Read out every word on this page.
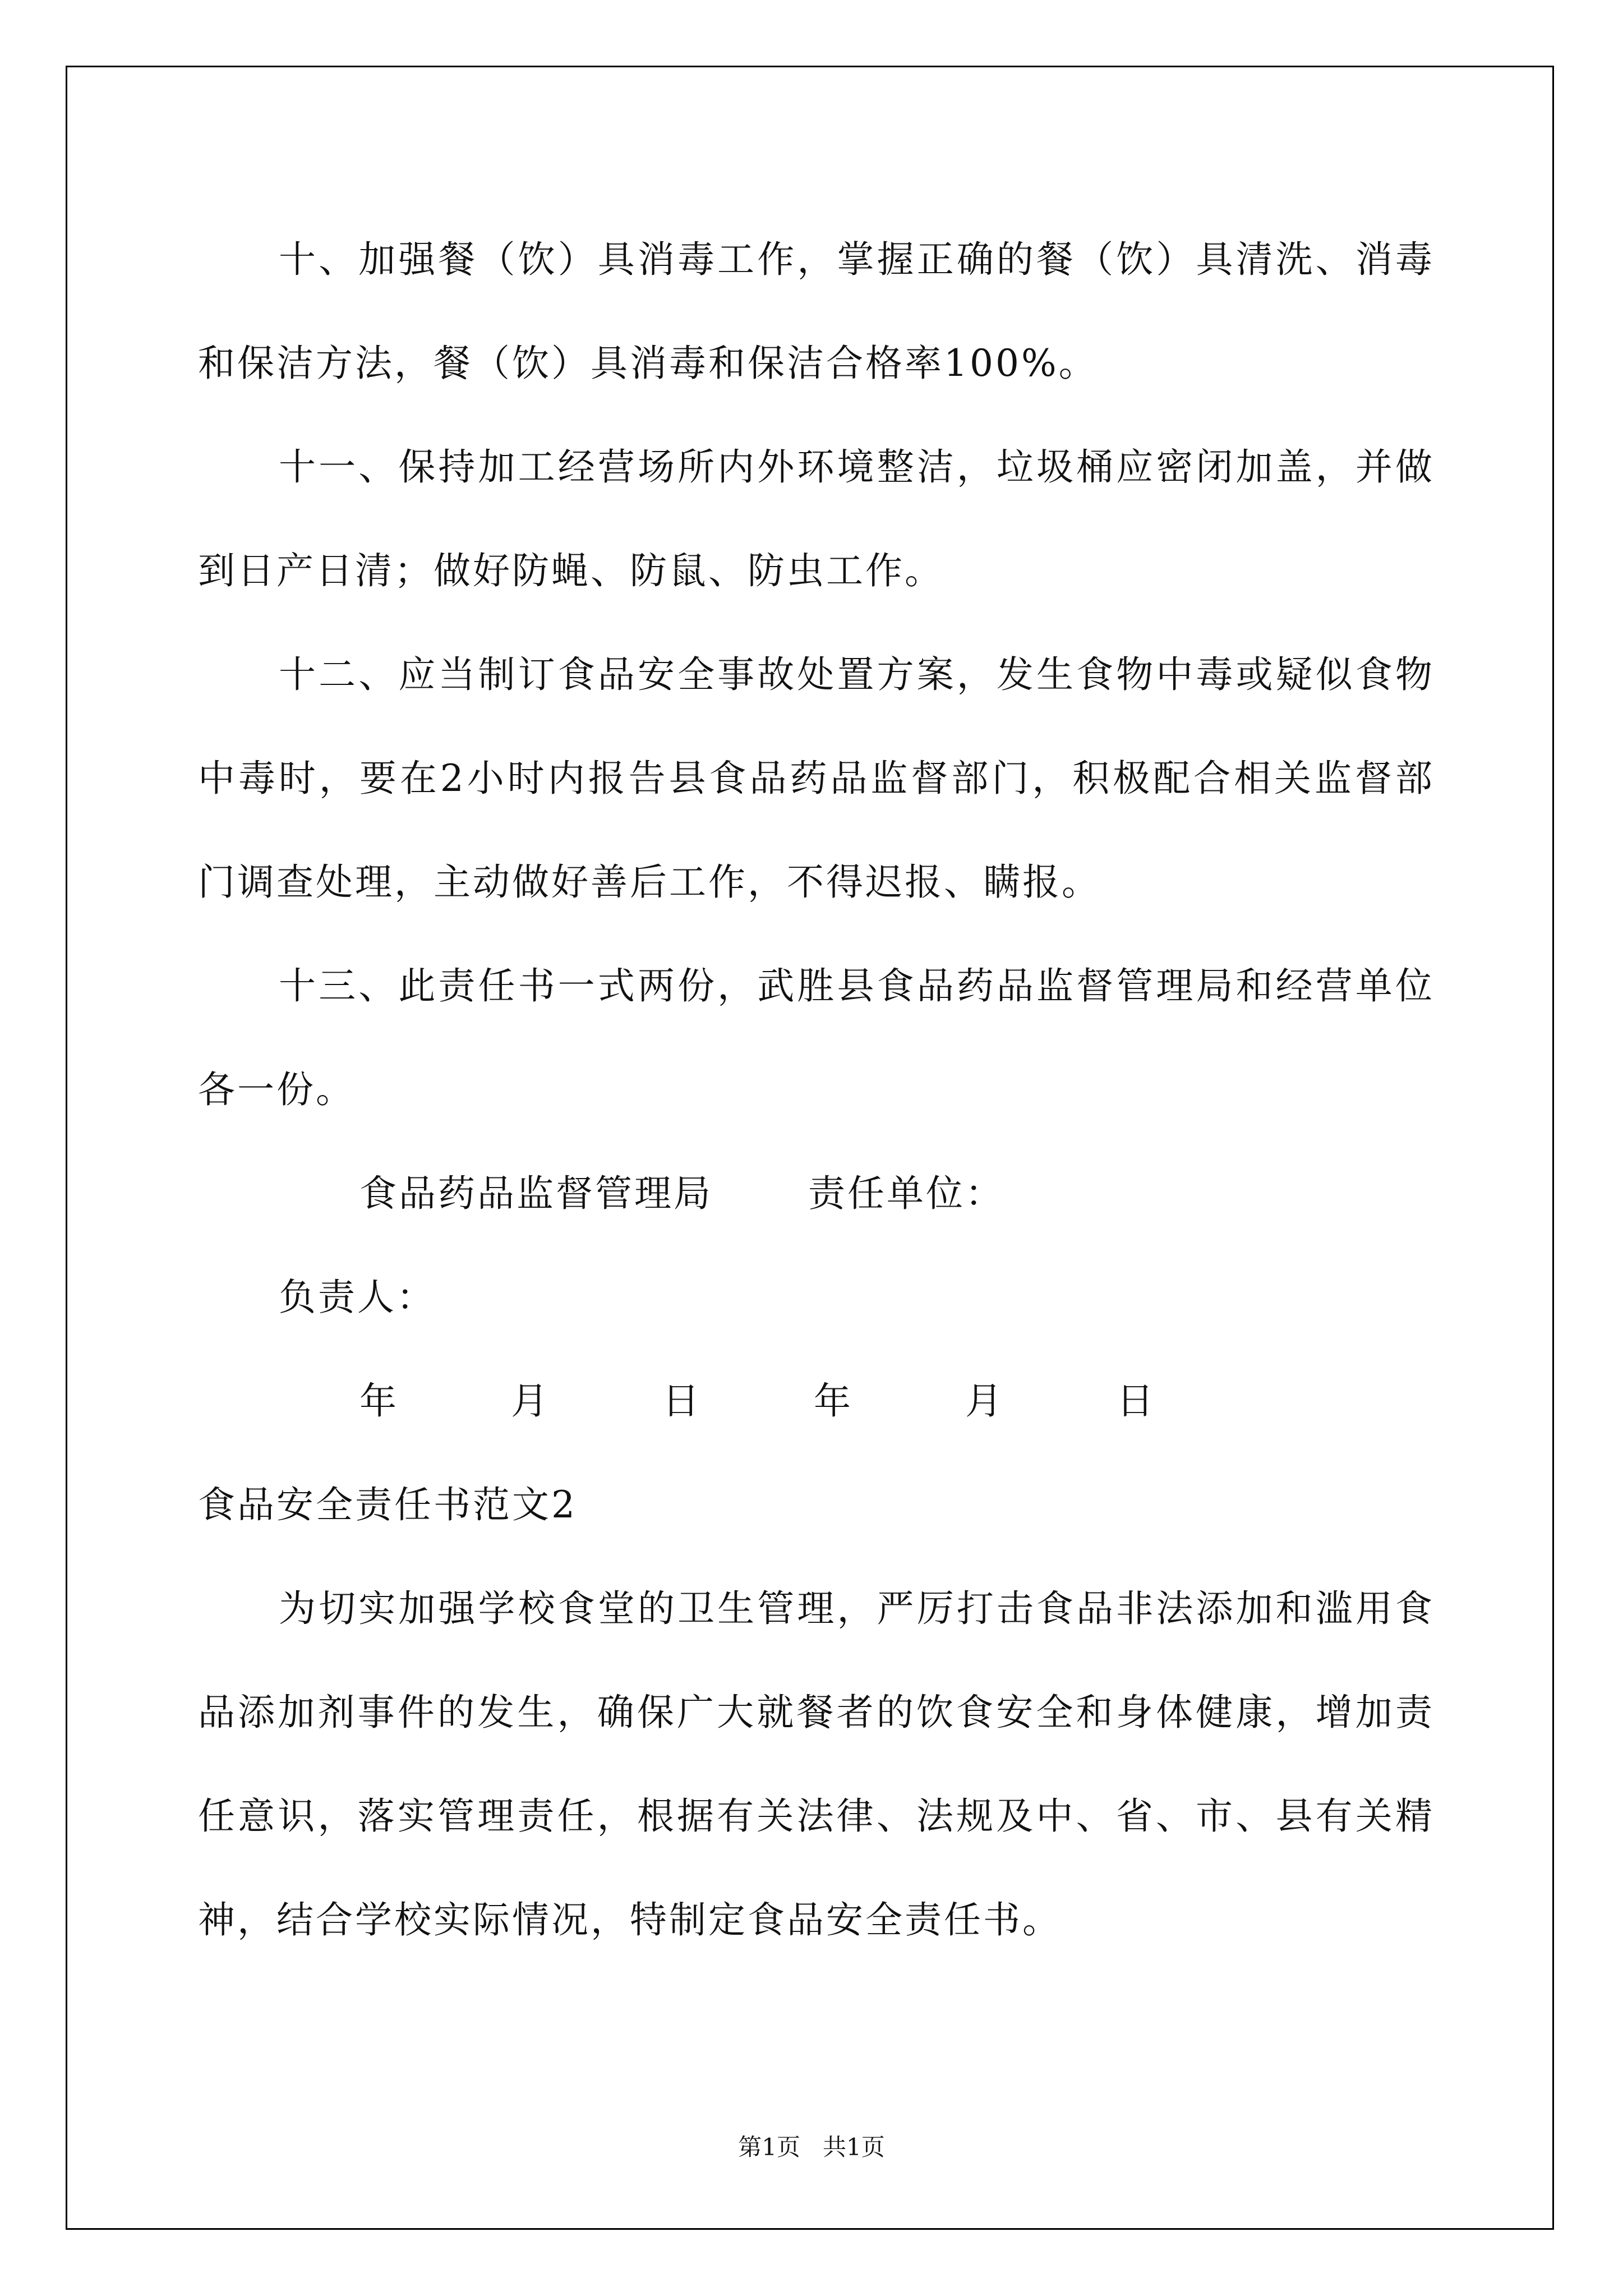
十、加强餐（饮）具消毒工作，掌握正确的餐（饮）具清洗、消毒和保洁方法，餐（饮）具消毒和保洁合格率100%。

十一、保持加工经营场所内外环境整洁，垃圾桶应密闭加盖，并做到日产日清；做好防蝇、防鼠、防虫工作。

十二、应当制订食品安全事故处置方案，发生食物中毒或疑似食物中毒时，要在2小时内报告县食品药品监督部门，积极配合相关监督部门调查处理，主动做好善后工作，不得迟报、瞒报。

十三、此责任书一式两份，武胜县食品药品监督管理局和经营单位各一份。

食品药品监督管理局	责任单位：

负责人：

年	月	日	年	月	日

食品安全责任书范文2

为切实加强学校食堂的卫生管理，严厉打击食品非法添加和滥用食品添加剂事件的发生，确保广大就餐者的饮食安全和身体健康，增加责任意识，落实管理责任，根据有关法律、法规及中、省、市、县有关精神，结合学校实际情况，特制定食品安全责任书。

第1页 共1页
